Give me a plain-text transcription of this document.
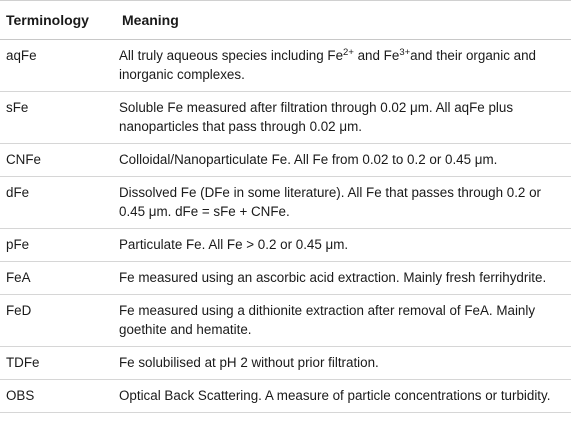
Terminology	Meaning
aqFe	All truly aqueous species including $Fe^{2+}$ and $Fe^{3+}and$ their organic and inorganic complexes.
sFe	Soluble Fe measured after filtration through 0.02 μm. All aqFe plus nanoparticles that pass through 0.02 μm.
CNFe	Colloidal/Nanoparticulate Fe. All Fe from 0.02 to 0.2 or 0.45 μm.
dFe	Dissolved Fe (DFe in some literature). All Fe that passes through 0.2 or 0.45 μm. dFe = sFe + CNFe.
pFe	Particulate Fe. All Fe > 0.2 or 0.45 μm.
FeA	Fe measured using an ascorbic acid extraction. Mainly fresh ferrihydrite.
FeD	Fe measured using a dithionite extraction after removal of FeA. Mainly goethite and hematite.
TDFe	Fe solubilised at pH 2 without prior filtration.
OBS	Optical Back Scattering. A measure of particle concentrations or turbidity.
